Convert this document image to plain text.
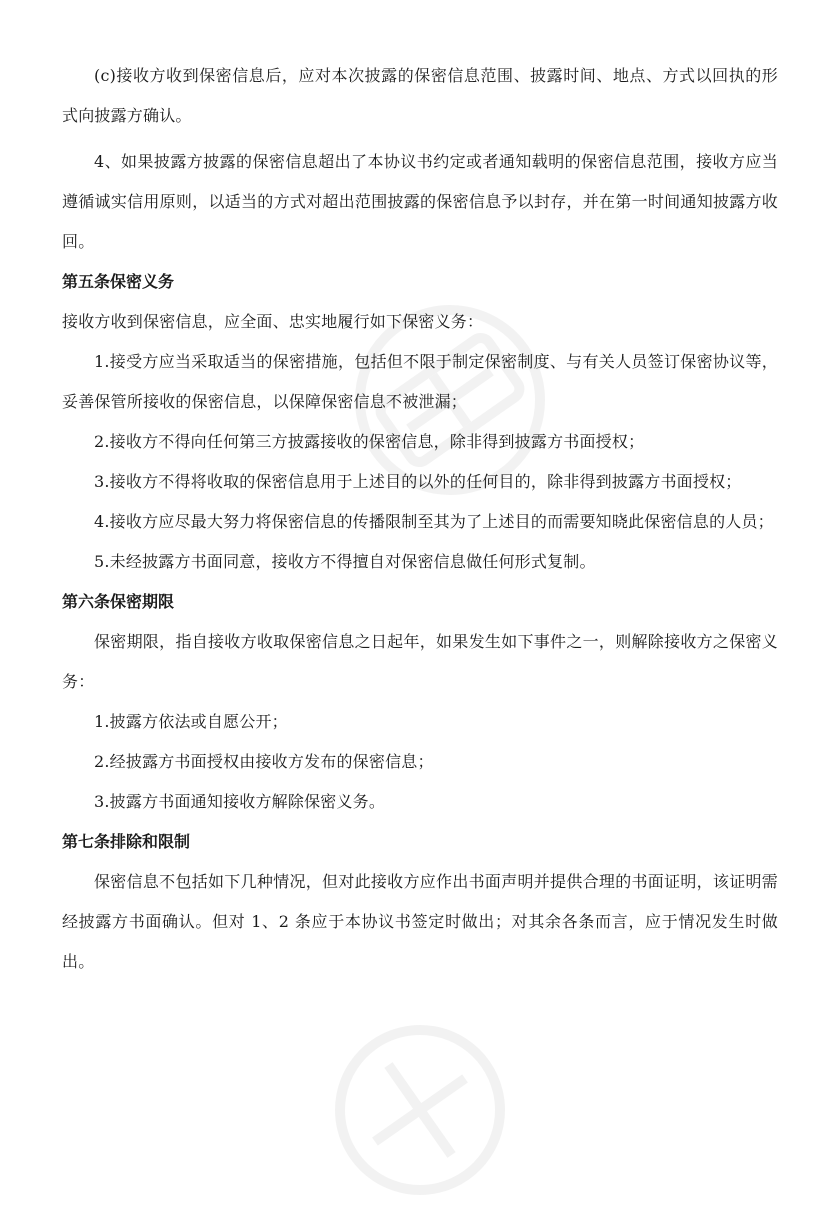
(c)接收方收到保密信息后，应对本次披露的保密信息范围、披露时间、地点、方式以回执的形式向披露方确认。

4、如果披露方披露的保密信息超出了本协议书约定或者通知载明的保密信息范围，接收方应当遵循诚实信用原则，以适当的方式对超出范围披露的保密信息予以封存，并在第一时间通知披露方收回。

第五条保密义务

接收方收到保密信息，应全面、忠实地履行如下保密义务：

1.接受方应当采取适当的保密措施，包括但不限于制定保密制度、与有关人员签订保密协议等，妥善保管所接收的保密信息，以保障保密信息不被泄漏；

2.接收方不得向任何第三方披露接收的保密信息，除非得到披露方书面授权；

3.接收方不得将收取的保密信息用于上述目的以外的任何目的，除非得到披露方书面授权；

4.接收方应尽最大努力将保密信息的传播限制至其为了上述目的而需要知晓此保密信息的人员；

5.未经披露方书面同意，接收方不得擅自对保密信息做任何形式复制。

第六条保密期限

保密期限，指自接收方收取保密信息之日起年，如果发生如下事件之一，则解除接收方之保密义务：

1.披露方依法或自愿公开；

2.经披露方书面授权由接收方发布的保密信息；

3.披露方书面通知接收方解除保密义务。

第七条排除和限制

保密信息不包括如下几种情况，但对此接收方应作出书面声明并提供合理的书面证明，该证明需经披露方书面确认。但对 1、2 条应于本协议书签定时做出；对其余各条而言，应于情况发生时做出。
